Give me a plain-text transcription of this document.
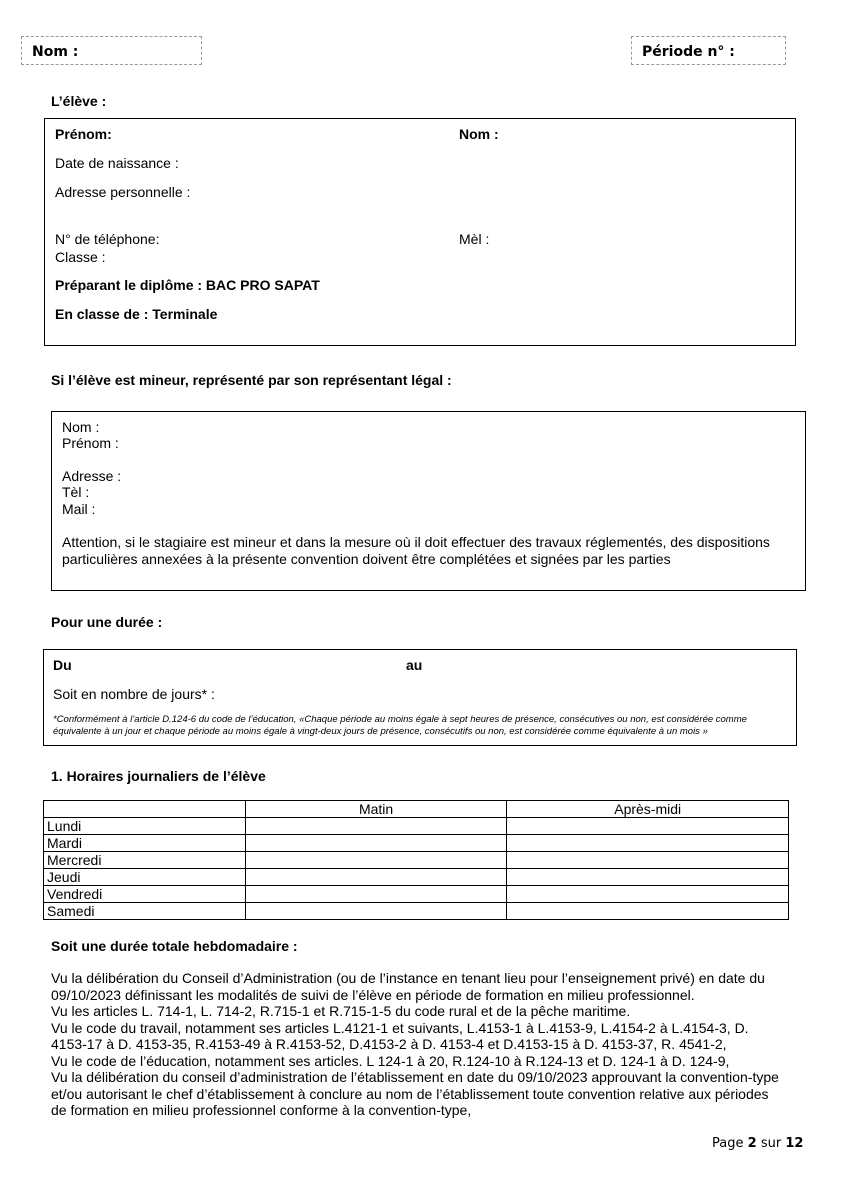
Nom :	Période n° :
L’élève :
Prénom:	Nom :
Date de naissance :
Adresse personnelle :
N° de téléphone:	Mèl :
Classe :
Préparant le diplôme : BAC PRO SAPAT
En classe de : Terminale
Si l’élève est mineur, représenté par son représentant légal :
Nom :
Prénom :
Adresse :
Tèl :
Mail :
Attention, si le stagiaire est mineur et dans la mesure où il doit effectuer des travaux réglementés, des dispositions
particulières annexées à la présente convention doivent être complétées et signées par les parties
Pour une durée :
Du	au
Soit en nombre de jours* :
*Conformément à l’article D.124-6 du code de l’éducation, «Chaque période au moins égale à sept heures de présence, consécutives ou non, est considérée comme
équivalente à un jour et chaque période au moins égale à vingt-deux jours de présence, consécutifs ou non, est considérée comme équivalente à un mois »
1. Horaires journaliers de l’élève
	Matin	Après-midi
Lundi		
Mardi		
Mercredi		
Jeudi		
Vendredi		
Samedi		
Soit une durée totale hebdomadaire :
Vu la délibération du Conseil d’Administration (ou de l’instance en tenant lieu pour l’enseignement privé) en date du
09/10/2023 définissant les modalités de suivi de l’élève en période de formation en milieu professionnel.
Vu les articles L. 714-1, L. 714-2, R.715-1 et R.715-1-5 du code rural et de la pêche maritime.
Vu le code du travail, notamment ses articles L.4121-1 et suivants, L.4153-1 à L.4153-9, L.4154-2 à L.4154-3, D.
4153-17 à D. 4153-35, R.4153-49 à R.4153-52, D.4153-2 à D. 4153-4 et D.4153-15 à D. 4153-37, R. 4541-2,
Vu le code de l’éducation, notamment ses articles. L 124-1 à 20, R.124-10 à R.124-13 et D. 124-1 à D. 124-9,
Vu la délibération du conseil d’administration de l’établissement en date du 09/10/2023 approuvant la convention-type
et/ou autorisant le chef d’établissement à conclure au nom de l’établissement toute convention relative aux périodes
de formation en milieu professionnel conforme à la convention-type,
Page 2 sur 12
